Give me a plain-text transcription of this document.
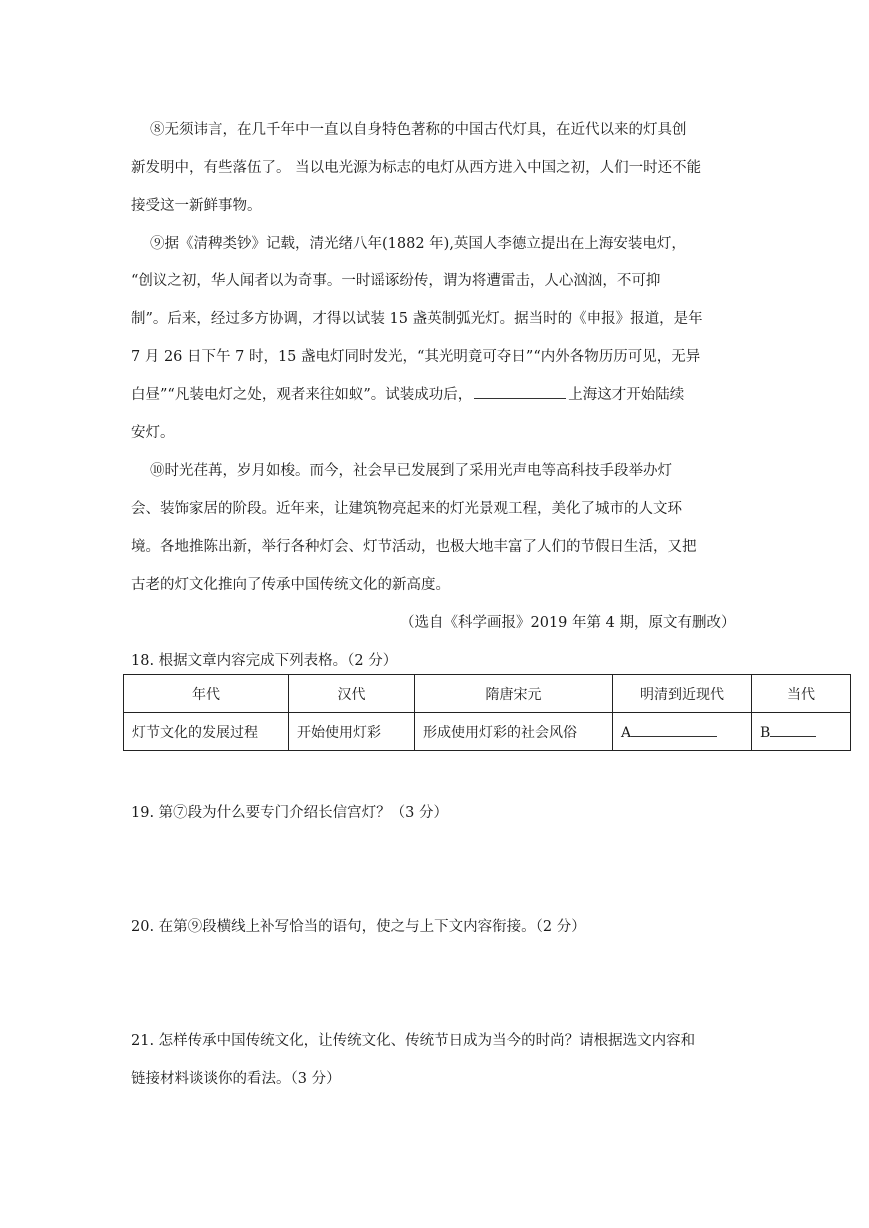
⑧无须讳言，在几千年中一直以自身特色著称的中国古代灯具，在近代以来的灯具创
新发明中，有些落伍了。 当以电光源为标志的电灯从西方进入中国之初，人们一时还不能
接受这一新鲜事物。
⑨据《清稗类钞》记载，清光绪八年(1882 年),英国人李德立提出在上海安装电灯，
“创议之初，华人闻者以为奇事。一时谣诼纷传，谓为将遭雷击，人心汹汹，不可抑
制”。后来，经过多方协调，才得以试装 15 盏英制弧光灯。据当时的《申报》报道，是年
7 月 26 日下午 7 时，15 盏电灯同时发光，“其光明竟可夺日”“内外各物历历可见，无异
白昼”“凡装电灯之处，观者来往如蚁”。试装成功后，	上海这才开始陆续
安灯。
⑩时光荏苒，岁月如梭。而今，社会早已发展到了采用光声电等高科技手段举办灯
会、装饰家居的阶段。近年来，让建筑物亮起来的灯光景观工程，美化了城市的人文环
境。各地推陈出新，举行各种灯会、灯节活动，也极大地丰富了人们的节假日生活，又把
古老的灯文化推向了传承中国传统文化的新高度。
（选自《科学画报》2019 年第 4 期，原文有删改）
18. 根据文章内容完成下列表格。（2 分）
年代	汉代	隋唐宋元	明清到近现代	当代
灯节文化的发展过程	开始使用灯彩	形成使用灯彩的社会风俗	A	B
19. 第⑦段为什么要专门介绍长信宫灯？（3 分）
20. 在第⑨段横线上补写恰当的语句，使之与上下文内容衔接。（2 分）
21. 怎样传承中国传统文化，让传统文化、传统节日成为当今的时尚？请根据选文内容和
链接材料谈谈你的看法。（3 分）
